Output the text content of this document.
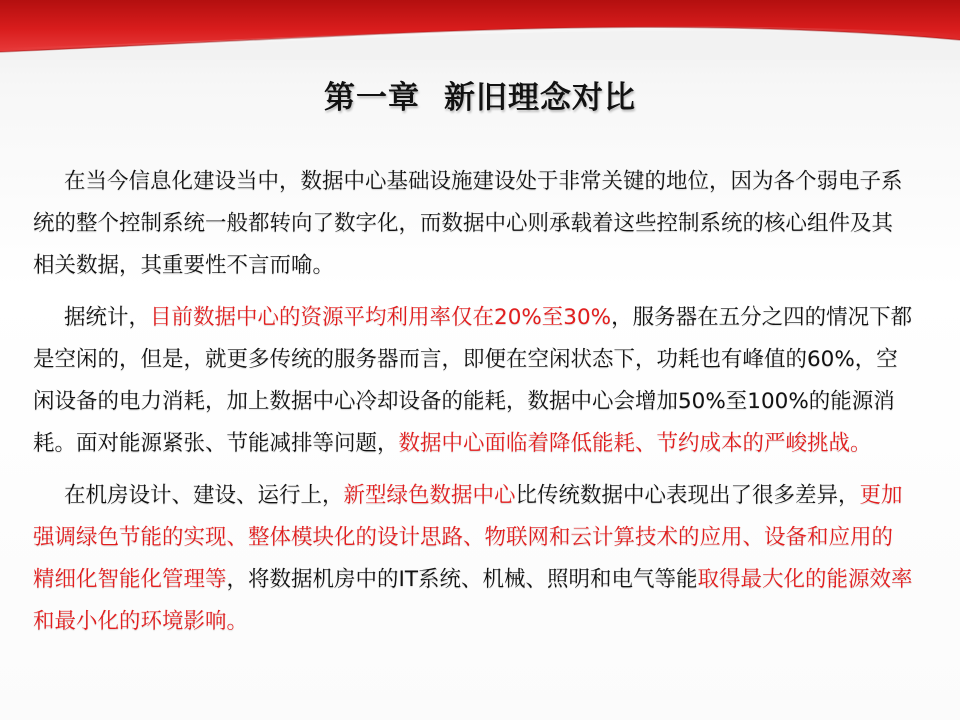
第一章 新旧理念对比

在当今信息化建设当中，数据中心基础设施建设处于非常关键的地位，因为各个弱电子系统的整个控制系统一般都转向了数字化，而数据中心则承载着这些控制系统的核心组件及其相关数据，其重要性不言而喻。

据统计，目前数据中心的资源平均利用率仅在20%至30%，服务器在五分之四的情况下都是空闲的，但是，就更多传统的服务器而言，即便在空闲状态下，功耗也有峰值的60%，空闲设备的电力消耗，加上数据中心冷却设备的能耗，数据中心会增加50%至100%的能源消耗。面对能源紧张、节能减排等问题，数据中心面临着降低能耗、节约成本的严峻挑战。

在机房设计、建设、运行上，新型绿色数据中心比传统数据中心表现出了很多差异，更加强调绿色节能的实现、整体模块化的设计思路、物联网和云计算技术的应用、设备和应用的精细化智能化管理等，将数据机房中的IT系统、机械、照明和电气等能取得最大化的能源效率和最小化的环境影响。
